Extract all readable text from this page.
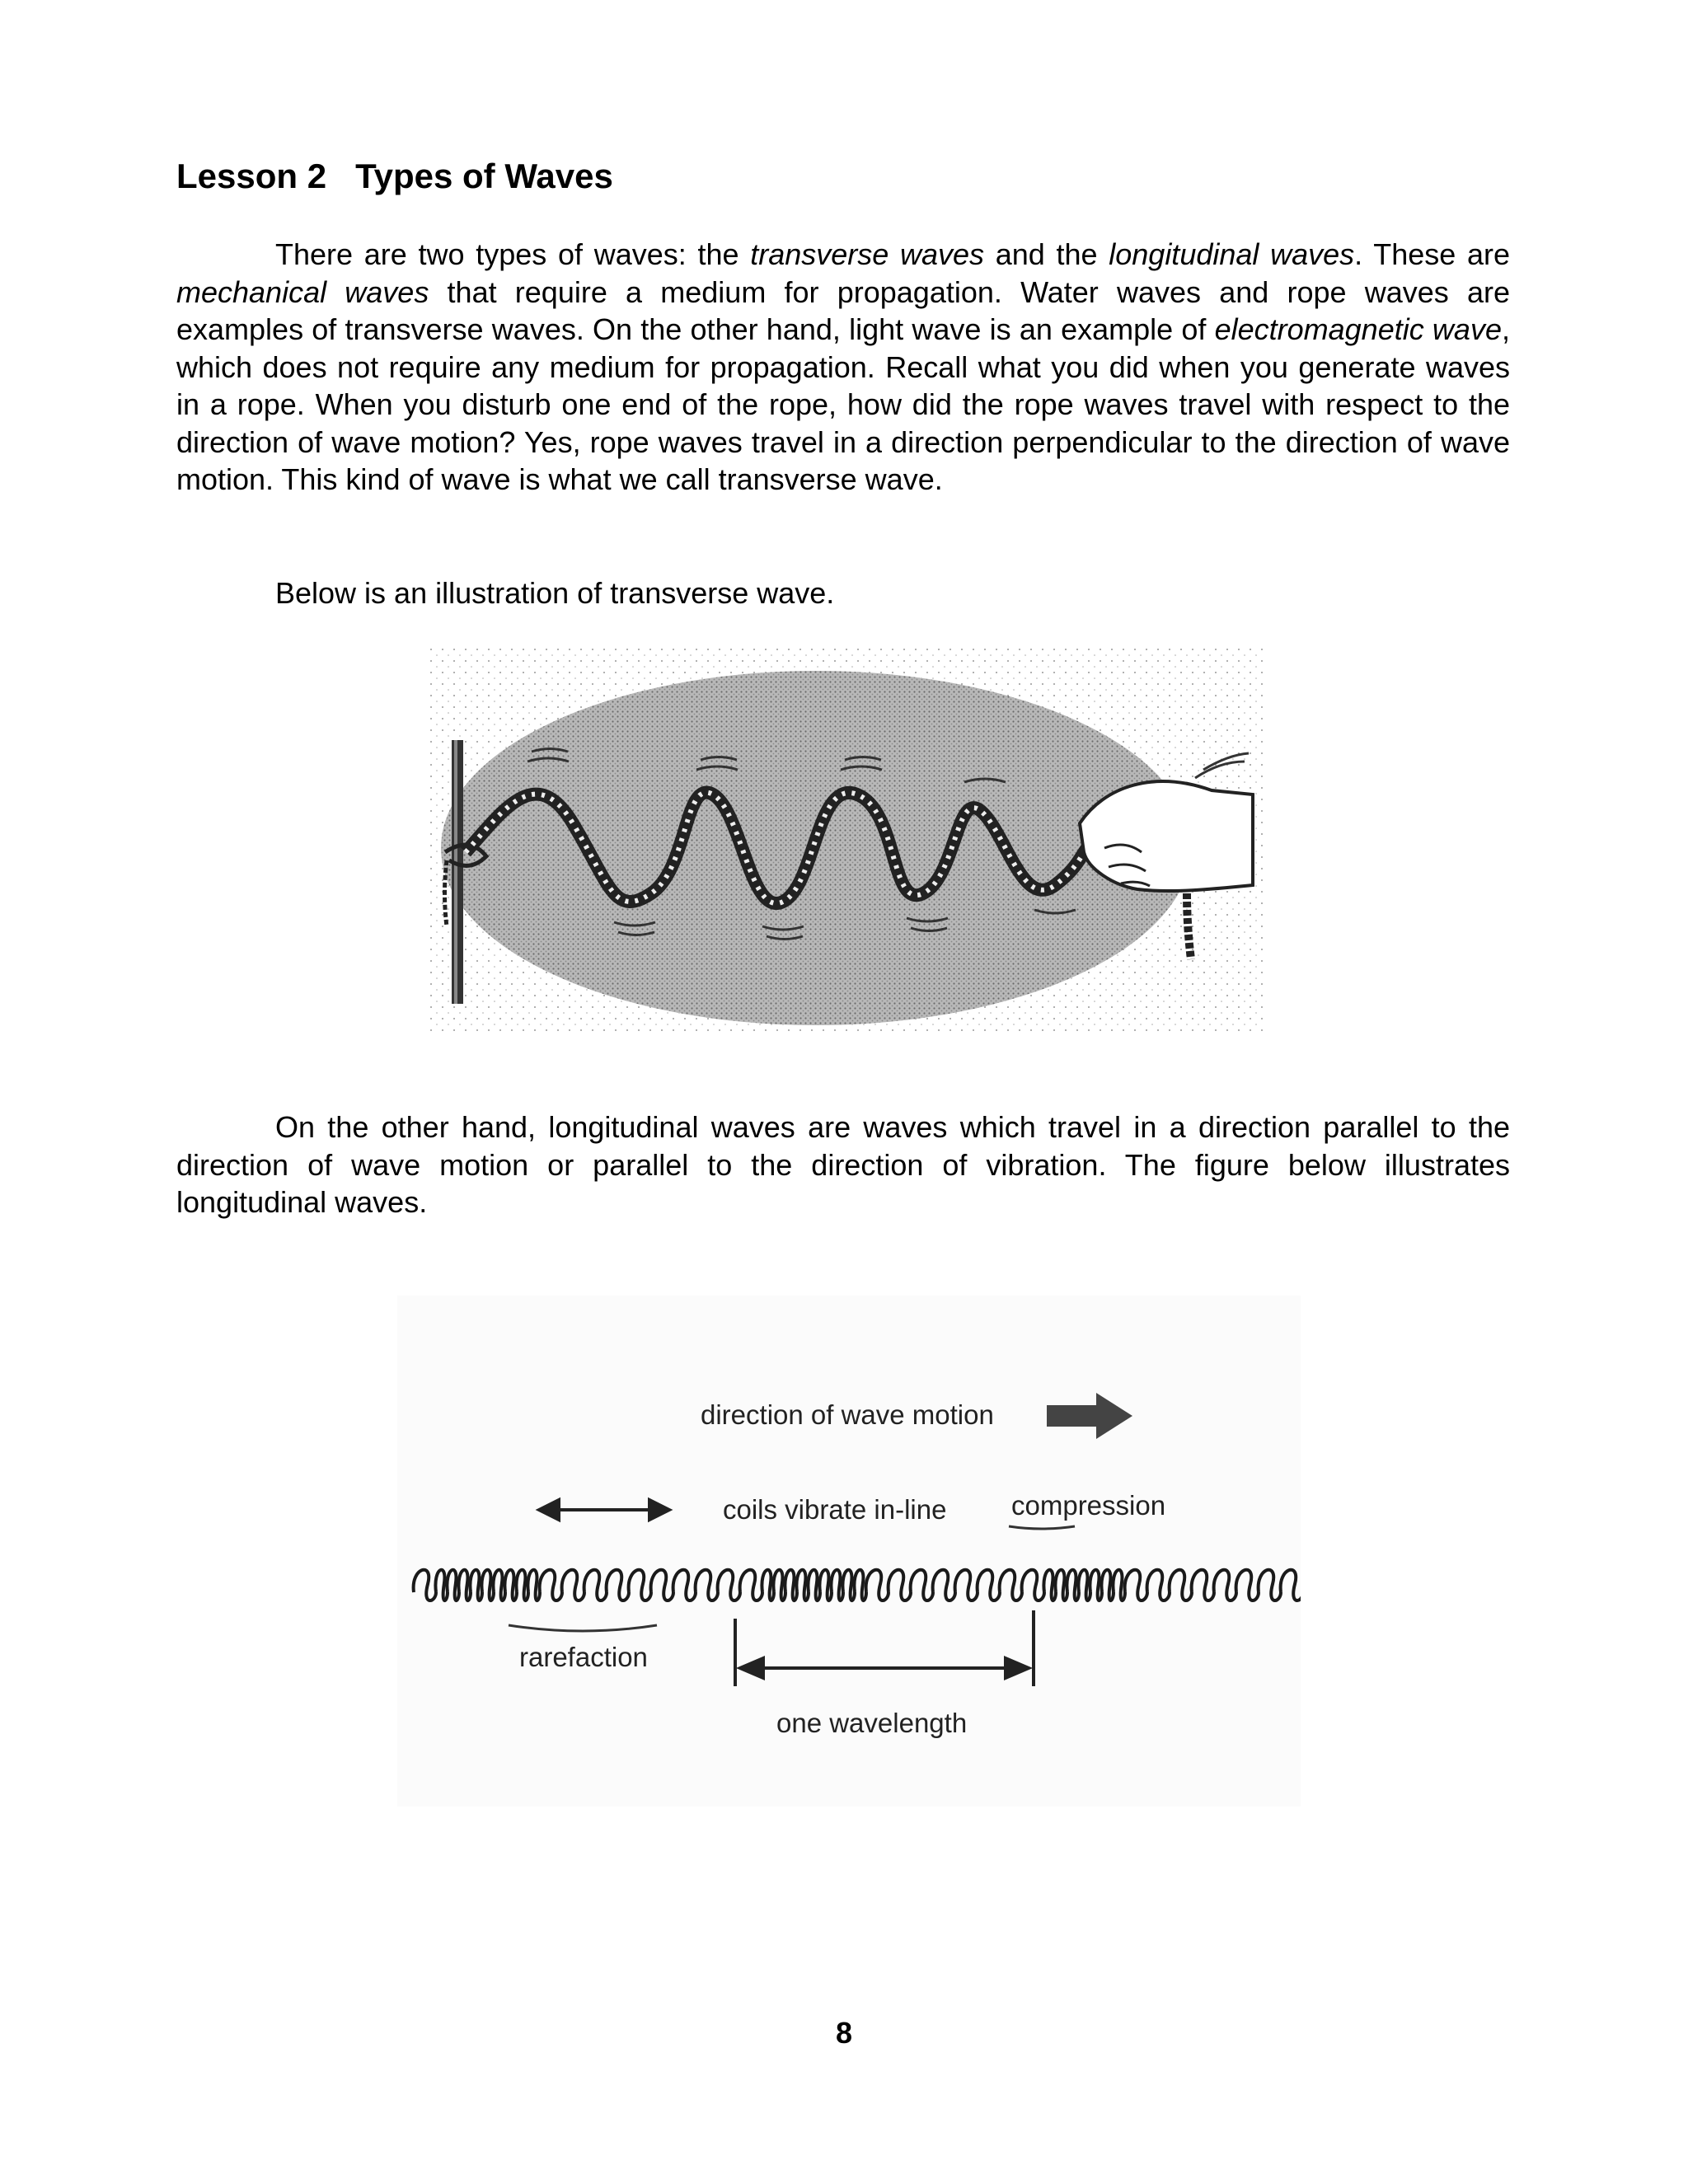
Lesson 2   Types of Waves

There are two types of waves: the transverse waves and the longitudinal waves. These are mechanical waves that require a medium for propagation. Water waves and rope waves are examples of transverse waves. On the other hand, light wave is an example of electromagnetic wave, which does not require any medium for propagation. Recall what you did when you generate waves in a rope. When you disturb one end of the rope, how did the rope waves travel with respect to the direction of wave motion? Yes, rope waves travel in a direction perpendicular to the direction of wave motion. This kind of wave is what we call transverse wave.

Below is an illustration of transverse wave.

On the other hand, longitudinal waves are waves which travel in a direction parallel to the direction of wave motion or parallel to the direction of vibration. The figure below illustrates longitudinal waves.

direction of wave motion
coils vibrate in-line compression
rarefaction
one wavelength
8
